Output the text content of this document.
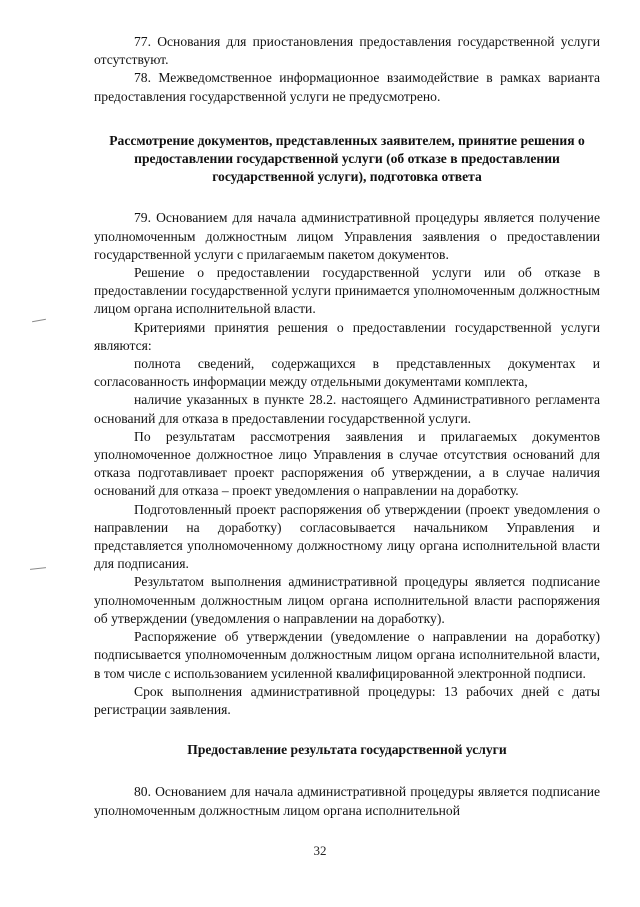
77. Основания для приостановления предоставления государственной услуги отсутствуют.

78. Межведомственное информационное взаимодействие в рамках варианта предоставления государственной услуги не предусмотрено.

Рассмотрение документов, представленных заявителем, принятие решения о предоставлении государственной услуги (об отказе в предоставлении государственной услуги), подготовка ответа

79. Основанием для начала административной процедуры является получение уполномоченным должностным лицом Управления заявления о предоставлении государственной услуги с прилагаемым пакетом документов.

Решение о предоставлении государственной услуги или об отказе в предоставлении государственной услуги принимается уполномоченным должностным лицом органа исполнительной власти.

Критериями принятия решения о предоставлении государственной услуги являются:

полнота сведений, содержащихся в представленных документах и согласованность информации между отдельными документами комплекта,

наличие указанных в пункте 28.2. настоящего Административного регламента оснований для отказа в предоставлении государственной услуги.

По результатам рассмотрения заявления и прилагаемых документов уполномоченное должностное лицо Управления в случае отсутствия оснований для отказа подготавливает проект распоряжения об утверждении, а в случае наличия оснований для отказа – проект уведомления о направлении на доработку.

Подготовленный проект распоряжения об утверждении (проект уведомления о направлении на доработку) согласовывается начальником Управления и представляется уполномоченному должностному лицу органа исполнительной власти для подписания.

Результатом выполнения административной процедуры является подписание уполномоченным должностным лицом органа исполнительной власти распоряжения об утверждении (уведомления о направлении на доработку).

Распоряжение об утверждении (уведомление о направлении на доработку) подписывается уполномоченным должностным лицом органа исполнительной власти, в том числе с использованием усиленной квалифицированной электронной подписи.

Срок выполнения административной процедуры: 13 рабочих дней с даты регистрации заявления.

Предоставление результата государственной услуги

80. Основанием для начала административной процедуры является подписание уполномоченным должностным лицом органа исполнительной

32
